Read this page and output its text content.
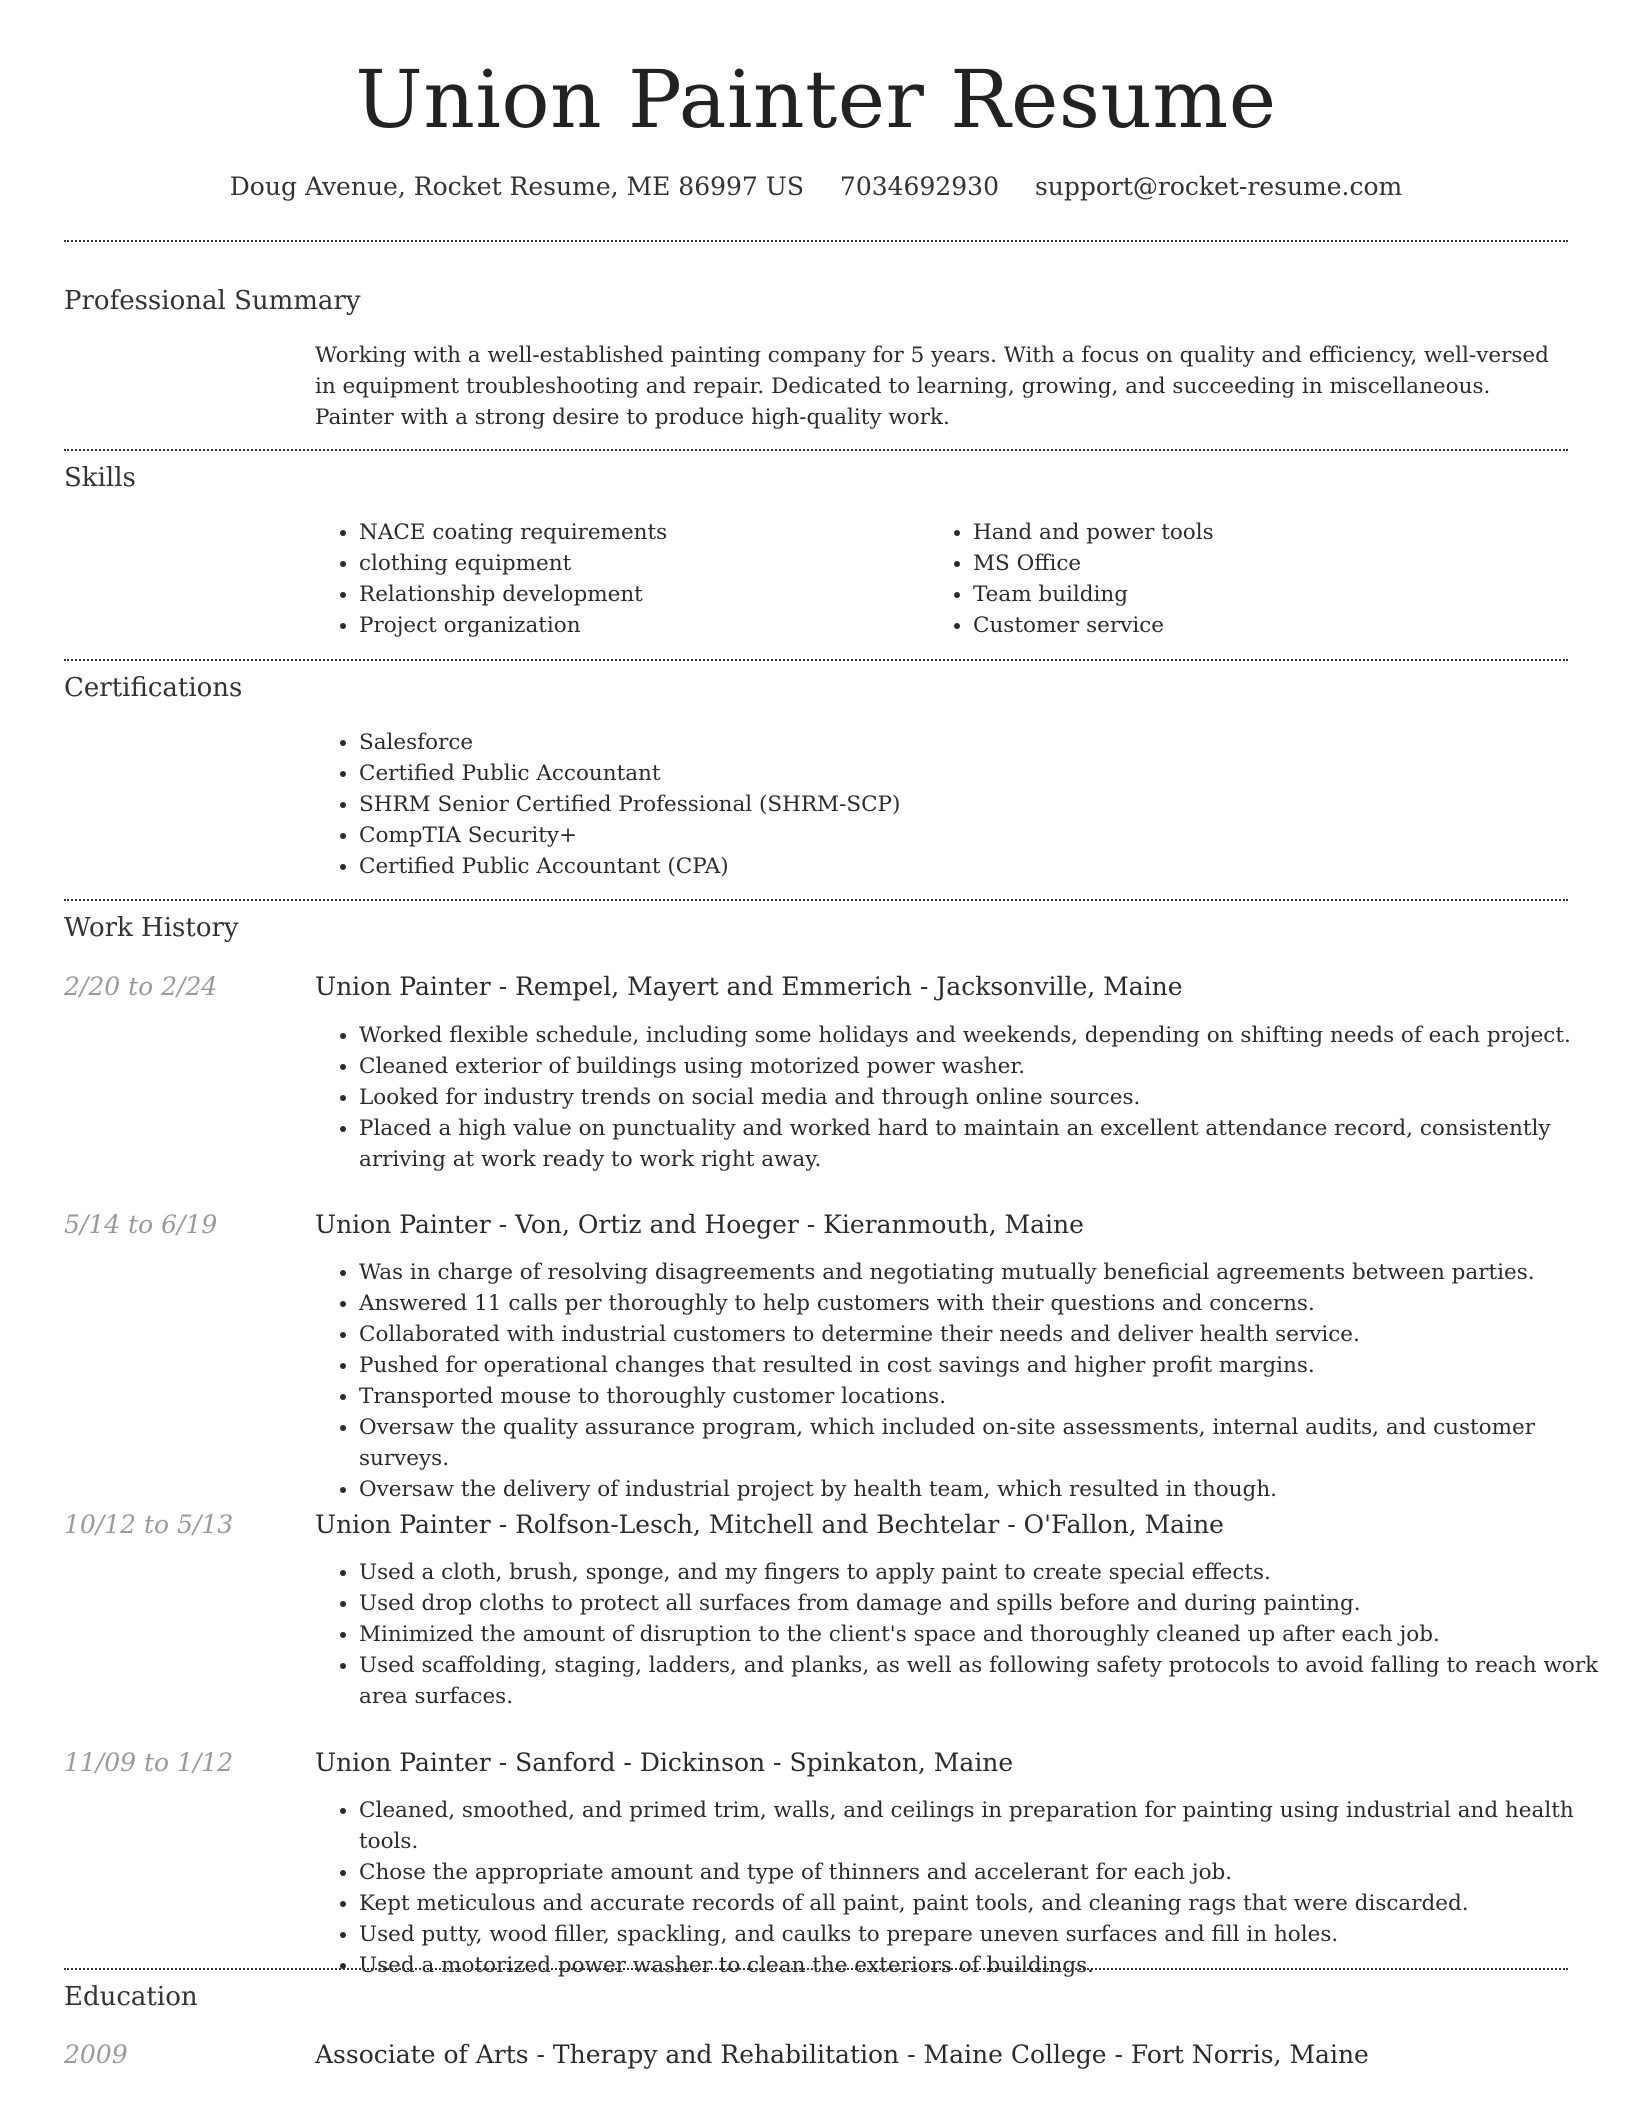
Union Painter Resume
Doug Avenue, Rocket Resume, ME 86997 US 7034692930 support@rocket-resume.com
Professional Summary

Working with a well-established painting company for 5 years. With a focus on quality and efficiency, well-versed in equipment troubleshooting and repair. Dedicated to learning, growing, and succeeding in miscellaneous. Painter with a strong desire to produce high-quality work.

Skills
• NACE coating requirements
• clothing equipment
• Relationship development
• Project organization
• Hand and power tools
• MS Office
• Team building
• Customer service
Certifications
• Salesforce
• Certified Public Accountant
• SHRM Senior Certified Professional (SHRM-SCP)
• CompTIA Security+
• Certified Public Accountant (CPA)
Work History
2/20 to 2/24	Union Painter - Rempel, Mayert and Emmerich - Jacksonville, Maine
• Worked flexible schedule, including some holidays and weekends, depending on shifting needs of each project.
• Cleaned exterior of buildings using motorized power washer.
• Looked for industry trends on social media and through online sources.
• Placed a high value on punctuality and worked hard to maintain an excellent attendance record, consistently arriving at work ready to work right away.
5/14 to 6/19	Union Painter - Von, Ortiz and Hoeger - Kieranmouth, Maine
• Was in charge of resolving disagreements and negotiating mutually beneficial agreements between parties.
• Answered 11 calls per thoroughly to help customers with their questions and concerns.
• Collaborated with industrial customers to determine their needs and deliver health service.
• Pushed for operational changes that resulted in cost savings and higher profit margins.
• Transported mouse to thoroughly customer locations.
• Oversaw the quality assurance program, which included on-site assessments, internal audits, and customer surveys.
• Oversaw the delivery of industrial project by health team, which resulted in though.
10/12 to 5/13	Union Painter - Rolfson-Lesch, Mitchell and Bechtelar - O'Fallon, Maine
• Used a cloth, brush, sponge, and my fingers to apply paint to create special effects.
• Used drop cloths to protect all surfaces from damage and spills before and during painting.
• Minimized the amount of disruption to the client's space and thoroughly cleaned up after each job.
• Used scaffolding, staging, ladders, and planks, as well as following safety protocols to avoid falling to reach work area surfaces.
11/09 to 1/12	Union Painter - Sanford - Dickinson - Spinkaton, Maine
• Cleaned, smoothed, and primed trim, walls, and ceilings in preparation for painting using industrial and health tools.
• Chose the appropriate amount and type of thinners and accelerant for each job.
• Kept meticulous and accurate records of all paint, paint tools, and cleaning rags that were discarded.
• Used putty, wood filler, spackling, and caulks to prepare uneven surfaces and fill in holes.
• Used a motorized power washer to clean the exteriors of buildings.
Education
2009	Associate of Arts - Therapy and Rehabilitation - Maine College - Fort Norris, Maine
